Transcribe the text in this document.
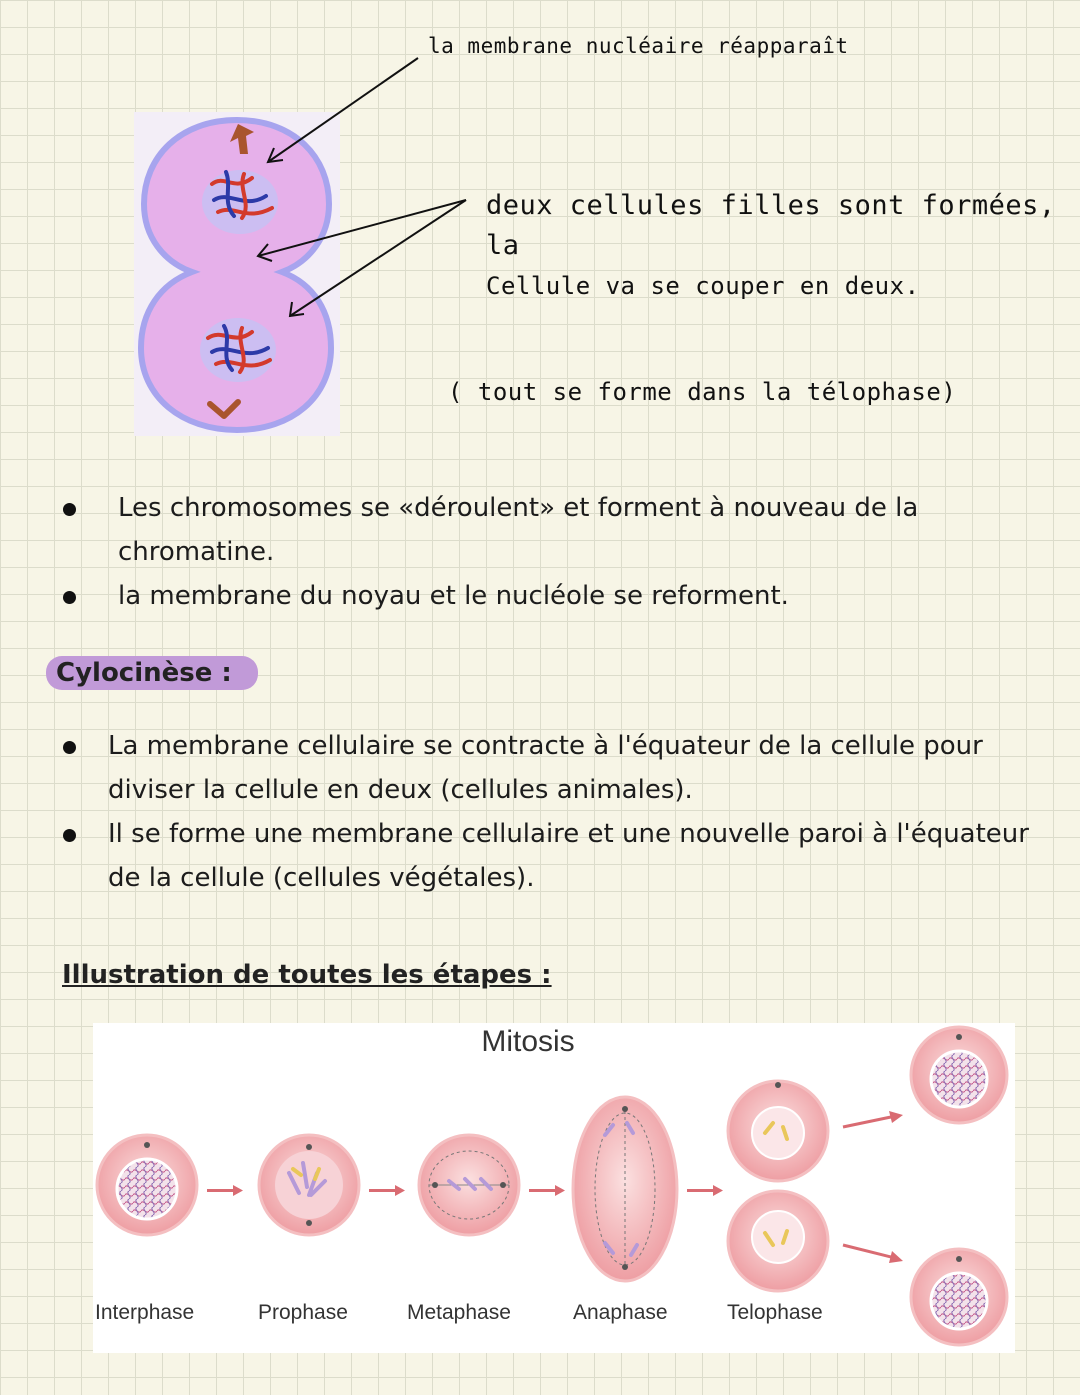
la membrane nucléaire réapparaît
deux cellules filles sont formées, la
Cellule va se couper en deux.
( tout se forme dans la télophase)
Les chromosomes se «déroulent» et forment à nouveau de la chromatine.
la membrane du noyau et le nucléole se reforment.
Cylocinèse :
La membrane cellulaire se contracte à l'équateur de la cellule pour diviser la cellule en deux (cellules animales).
Il se forme une membrane cellulaire et une nouvelle paroi à l'équateur de la cellule (cellules végétales).
Illustration de toutes les étapes :
Mitosis
Interphase	Prophase	Metaphase	Anaphase	Telophase
